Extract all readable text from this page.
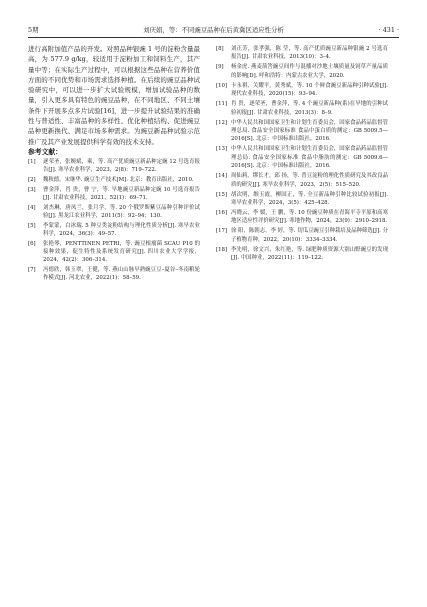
5期	刘庆娟，等：不同豌豆品种在后黄冀区适应性分析	· 431 ·

进行高附加值产品的开发。对照品种银豌 1 号的淀粉含量最高，为 577.9 g/kg，较适用于淀粉加工和饲料生产，其产量中等；在实际生产过程中，可以根据这些品种在营养价值方面的不同优势和市场需求选择种植。在后续的豌豆品种试验研究中，可以进一步扩大试验规模，增加试验品种的数量，引入更多具有特色的豌豆品种，在不同地区、不同土壤条件下开展多点多片试验[16]，进一步提升试验结果的准确性与普适性、丰富品种的多样性、优化种植结构、促进豌豆品种更新换代、满足市场多种需求。为豌豆新品种试验示范推广及其产业发展提供科学有效的技术支持。

参考文献：

[1] 逐荣圣，张婉斌，乘，等. 高产优质豌豆新品种定豌 12 号选育报告[J]. 寒旱农业科学，2023，2(8)：719–722.
[2] 魏秋德，宋继华. 豌豆生产技术[M]. 北京：教育出版社，2010.
[3] 曹金萍，肖 贵，曹 宁，等. 旱地豌豆新品种定豌 10 号选育报告[J]. 甘肃农业科技，2021，52(1)：69–71.
[4] 刘杰琳，唐凤兰，张月学，等. 20 个俄罗斯紫豆品种引种评价试验[J]. 黑龙江农业科学，2011(5)：92–94；130.
[5] 李蒙蒙，白冰瑞. 5 种豆类淀粉结构与理化性质分析[J]. 寒旱农业科学，2024，36(3)：49–57.
[6] 张艳琴，PENTTINEN PETRI，等. 豌豆根瘤菌 SCAU P10 的接种效果，促生特性及系统发育研究[J]. 四川农业大学学报，2024，42(2)：306–314.
[7] 冯德欣，韩玉翠，王健，等. 燕山山脉早熟豌豆豆–夏谷–冬南粮轮作模式[J]. 河北农业，2022(1)：58–59.
[8] 刘正芳，张孝强，陈 莹，等. 高产优质豌豆新品种银豌 2 号选育报告[J]. 甘肃农业科技，2013(10)：3–4.
[9] 杨金虎. 燕麦箭筈豌豆间作与混播对沙地土壤质量及饲草产量品质的影响[D]. 呼和浩特：内蒙古农业大学，2020.
[10] 卡永祺，关耀平，黄秀斌，等. 10 个鲜食豌豆新品种引种试验[J]. 现代农业科技，2020(15)：93–94.
[11] 肖 贵，逐荣圣，曹金萍，等. 4 个豌豆新品种(系)在旱地的引种试验初报[J]. 甘肃农业科技，2013(3)：8–9.
[12] 中华人民共和国国家卫生和计划生育委员会，国家食品药品监督管理总局. 食品安全国家标准 食品中蛋白质的测定：GB 5009.5—2016[S]. 北京：中国标准出版社，2016.
[13] 中华人民共和国国家卫生和计划生育委员会，国家食品药品监督管理总局. 食品安全国家标准 食品中脂肪的测定：GB 5009.6—2016[S]. 北京：中国标准出版社，2016.
[14] 周仙莉，缪长才，邱 扬，等. 普豆淀粉的理化性质研究及其改良品质的研究[J]. 寒旱农业科学，2023，2(5)：515–520.
[15] 胡次明，缑玉霞，柳国正，等. 全豆新品种引种比较试验初报[J]. 寒旱农业科学，2024，3(5)：425–428.
[16] 冯晓云，李 媛，王 鹏，等. 10 份豌豆种质在青海平寺平原和高寒地区适应性评价研究[J]. 寒地作物，2024，23(9)：2910–2918.
[17] 徐 阳，陈朝志，李 婷，等. 切瓜豆豌豆引种栽培及品种筛选[J]. 分子植物育种，2022，20(10)：3334–3334.
[18] 李先明，徐文兴，朱红艳，等. 绿肥种质资源大别山野豌豆的发现[J]. 中国种业，2022(11)：119–122.
